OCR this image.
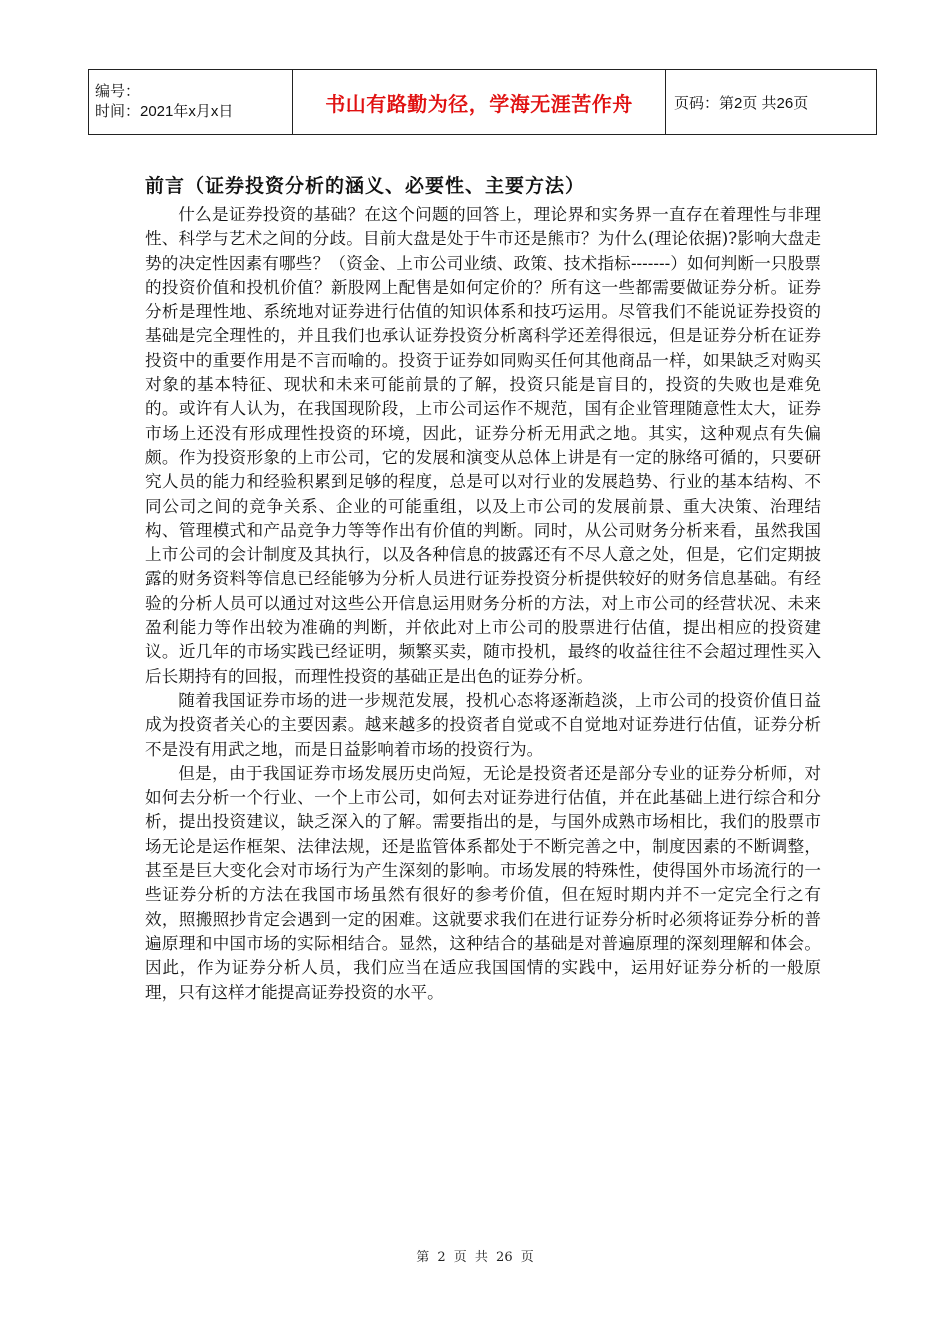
编号：
时间：2021年x月x日	书山有路勤为径，学海无涯苦作舟	页码：第2页 共26页
前言（证券投资分析的涵义、必要性、主要方法）

什么是证券投资的基础？在这个问题的回答上，理论界和实务界一直存在着理性与非理性、科学与艺术之间的分歧。目前大盘是处于牛市还是熊市？为什么(理论依据)?影响大盘走势的决定性因素有哪些？（资金、上市公司业绩、政策、技术指标-------）如何判断一只股票的投资价值和投机价值？新股网上配售是如何定价的？所有这一些都需要做证券分析。证券分析是理性地、系统地对证券进行估值的知识体系和技巧运用。尽管我们不能说证券投资的基础是完全理性的，并且我们也承认证券投资分析离科学还差得很远，但是证券分析在证券投资中的重要作用是不言而喻的。投资于证券如同购买任何其他商品一样，如果缺乏对购买对象的基本特征、现状和未来可能前景的了解，投资只能是盲目的，投资的失败也是难免的。或许有人认为，在我国现阶段，上市公司运作不规范，国有企业管理随意性太大，证券市场上还没有形成理性投资的环境，因此，证券分析无用武之地。其实，这种观点有失偏颇。作为投资形象的上市公司，它的发展和演变从总体上讲是有一定的脉络可循的，只要研究人员的能力和经验积累到足够的程度，总是可以对行业的发展趋势、行业的基本结构、不同公司之间的竞争关系、企业的可能重组，以及上市公司的发展前景、重大决策、治理结构、管理模式和产品竞争力等等作出有价值的判断。同时，从公司财务分析来看，虽然我国上市公司的会计制度及其执行，以及各种信息的披露还有不尽人意之处，但是，它们定期披露的财务资料等信息已经能够为分析人员进行证券投资分析提供较好的财务信息基础。有经验的分析人员可以通过对这些公开信息运用财务分析的方法，对上市公司的经营状况、未来盈利能力等作出较为准确的判断，并依此对上市公司的股票进行估值，提出相应的投资建议。近几年的市场实践已经证明，频繁买卖，随市投机，最终的收益往往不会超过理性买入后长期持有的回报，而理性投资的基础正是出色的证券分析。

随着我国证券市场的进一步规范发展，投机心态将逐渐趋淡，上市公司的投资价值日益成为投资者关心的主要因素。越来越多的投资者自觉或不自觉地对证券进行估值，证券分析不是没有用武之地，而是日益影响着市场的投资行为。

但是，由于我国证券市场发展历史尚短，无论是投资者还是部分专业的证券分析师，对如何去分析一个行业、一个上市公司，如何去对证券进行估值，并在此基础上进行综合和分析，提出投资建议，缺乏深入的了解。需要指出的是，与国外成熟市场相比，我们的股票市场无论是运作框架、法律法规，还是监管体系都处于不断完善之中，制度因素的不断调整，甚至是巨大变化会对市场行为产生深刻的影响。市场发展的特殊性，使得国外市场流行的一些证券分析的方法在我国市场虽然有很好的参考价值，但在短时期内并不一定完全行之有效，照搬照抄肯定会遇到一定的困难。这就要求我们在进行证券分析时必须将证券分析的普遍原理和中国市场的实际相结合。显然，这种结合的基础是对普遍原理的深刻理解和体会。因此，作为证券分析人员，我们应当在适应我国国情的实践中，运用好证券分析的一般原理，只有这样才能提高证券投资的水平。

第 2 页 共 26 页
